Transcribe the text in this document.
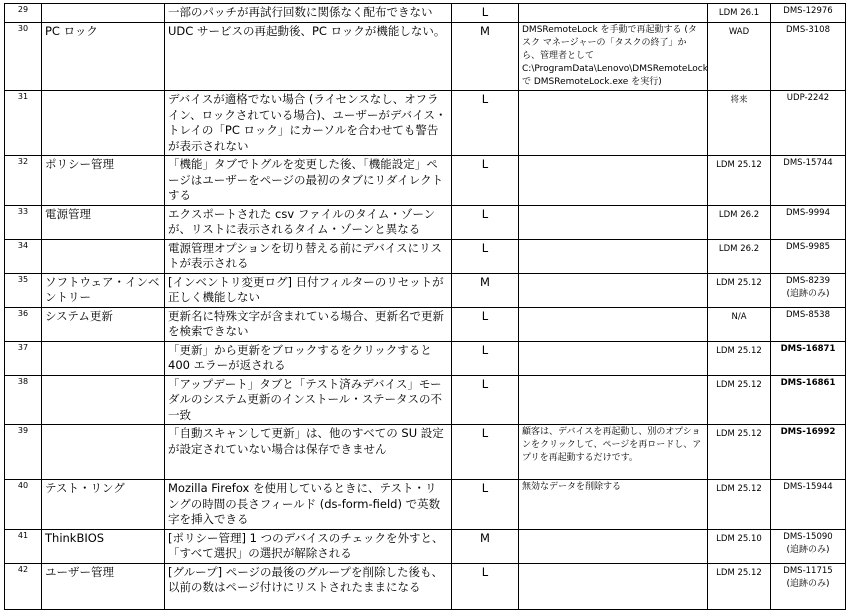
29		一部のパッチが再試行回数に関係なく配布できない	L		LDM 26.1	DMS-12976

30	PC ロック	UDC サービスの再起動後、PC ロックが機能しない。	M	DMSRemoteLock を手動で再起動する (タスク マネージャーの「タスクの終了」から、管理者として C:\ProgramData\Lenovo\DMSRemoteLock で DMSRemoteLock.exe を実行)	WAD	DMS-3108

31		デバイスが適格でない場合 (ライセンスなし、オフライン、ロックされている場合)、ユーザーがデバイス・トレイの「PC ロック」にカーソルを合わせても警告が表示されない	L		将来	UDP-2242

32	ポリシー管理	「機能」タブでトグルを変更した後、「機能設定」ページはユーザーをページの最初のタブにリダイレクトする	L		LDM 25.12	DMS-15744

33	電源管理	エクスポートされた csv ファイルのタイム・ゾーンが、リストに表示されるタイム・ゾーンと異なる	L		LDM 26.2	DMS-9994

34		電源管理オプションを切り替える前にデバイスにリストが表示される	L		LDM 26.2	DMS-9985

35	ソフトウェア・インベントリー	[インベントリ変更ログ] 日付フィルターのリセットが正しく機能しない	M		LDM 25.12	DMS-8239
(追跡のみ)

36	システム更新	更新名に特殊文字が含まれている場合、更新名で更新を検索できない	L		N/A	DMS-8538

37		「更新」から更新をブロックするをクリックすると 400 エラーが返される	L		LDM 25.12	DMS-16871

38		「アップデート」タブと「テスト済みデバイス」モーダルのシステム更新のインストール・ステータスの不一致	L		LDM 25.12	DMS-16861

39		「自動スキャンして更新」は、他のすべての SU 設定が設定されていない場合は保存できません	L	顧客は、デバイスを再起動し、別のオプションをクリックして、ページを再ロードし、アプリを再起動するだけです。	LDM 25.12	DMS-16992

40	テスト・リング	Mozilla Firefox を使用しているときに、テスト・リングの時間の長さフィールド (ds-form-field) で英数字を挿入できる	L	無効なデータを削除する	LDM 25.12	DMS-15944

41	ThinkBIOS	[ポリシー管理] 1 つのデバイスのチェックを外すと、「すべて選択」の選択が解除される	M		LDM 25.10	DMS-15090
(追跡のみ)

42	ユーザー管理	[グループ] ページの最後のグループを削除した後も、以前の数はページ付けにリストされたままになる	L		LDM 25.12	DMS-11715
(追跡のみ)
